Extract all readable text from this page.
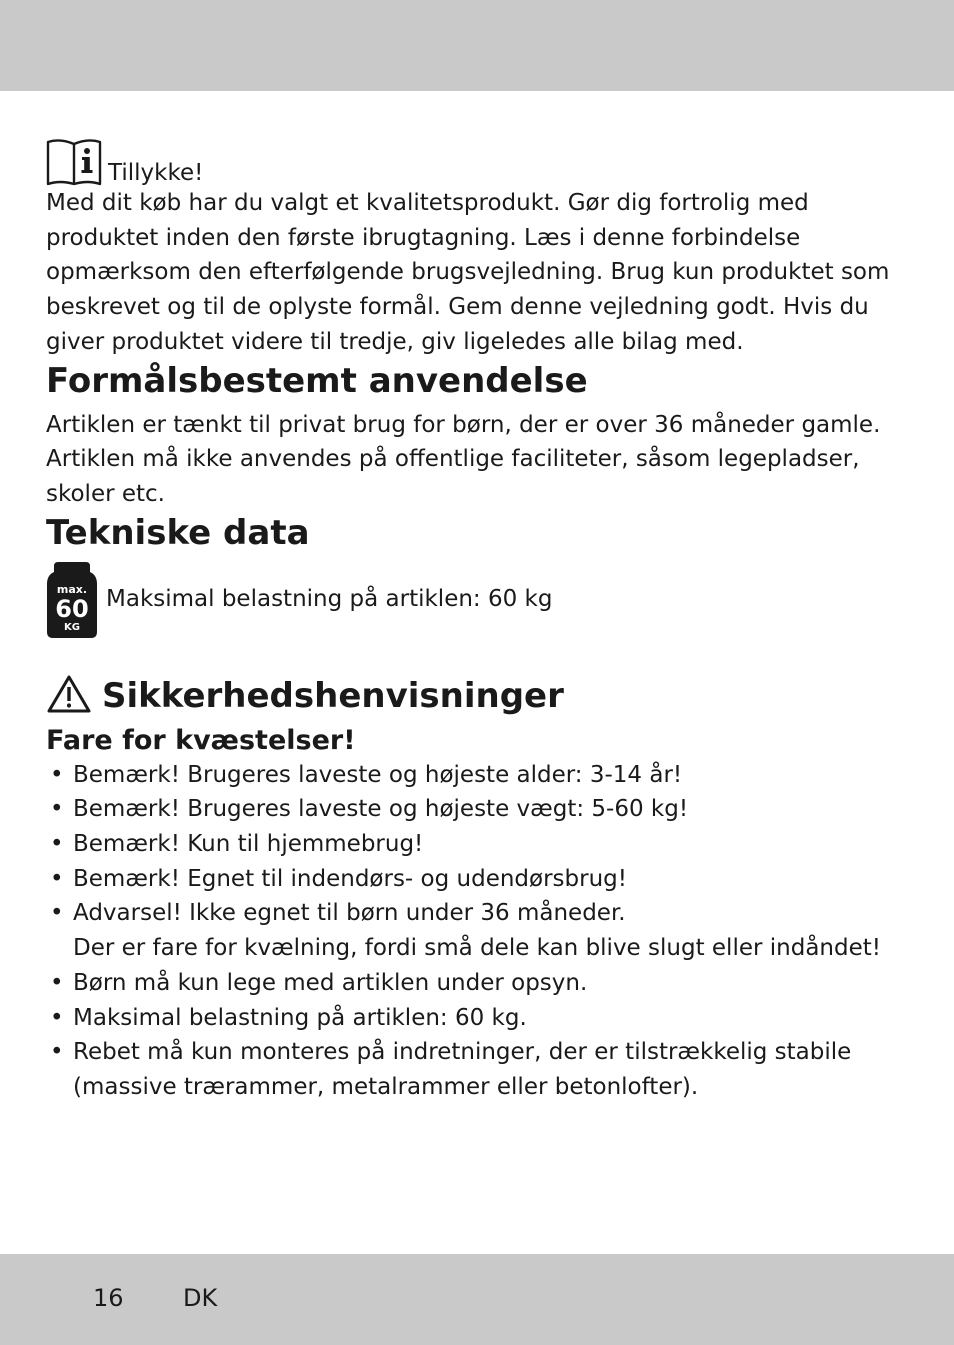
Tillykke!

Med dit køb har du valgt et kvalitetsprodukt. Gør dig fortrolig med produktet inden den første ibrugtagning. Læs i denne forbindelse opmærksom den efterfølgende brugsvejledning. Brug kun produktet som beskrevet og til de oplyste formål. Gem denne vejledning godt. Hvis du giver produktet videre til tredje, giv ligeledes alle bilag med.

Formålsbestemt anvendelse

Artiklen er tænkt til privat brug for børn, der er over 36 måneder gamle. Artiklen må ikke anvendes på offentlige faciliteter, såsom legepladser, skoler etc.

Tekniske data
max.
60
KG
Maksimal belastning på artiklen: 60 kg
Sikkerhedshenvisninger
Fare for kvæstelser!
• Bemærk! Brugeres laveste og højeste alder: 3-14 år!
• Bemærk! Brugeres laveste og højeste vægt: 5-60 kg!
• Bemærk! Kun til hjemmebrug!
• Bemærk! Egnet til indendørs- og udendørsbrug!
• Advarsel! Ikke egnet til børn under 36 måneder.
Der er fare for kvælning, fordi små dele kan blive slugt eller indåndet!
• Børn må kun lege med artiklen under opsyn.
• Maksimal belastning på artiklen: 60 kg.
• Rebet må kun monteres på indretninger, der er tilstrækkelig stabile (massive trærammer, metalrammer eller betonlofter).
16 DK
